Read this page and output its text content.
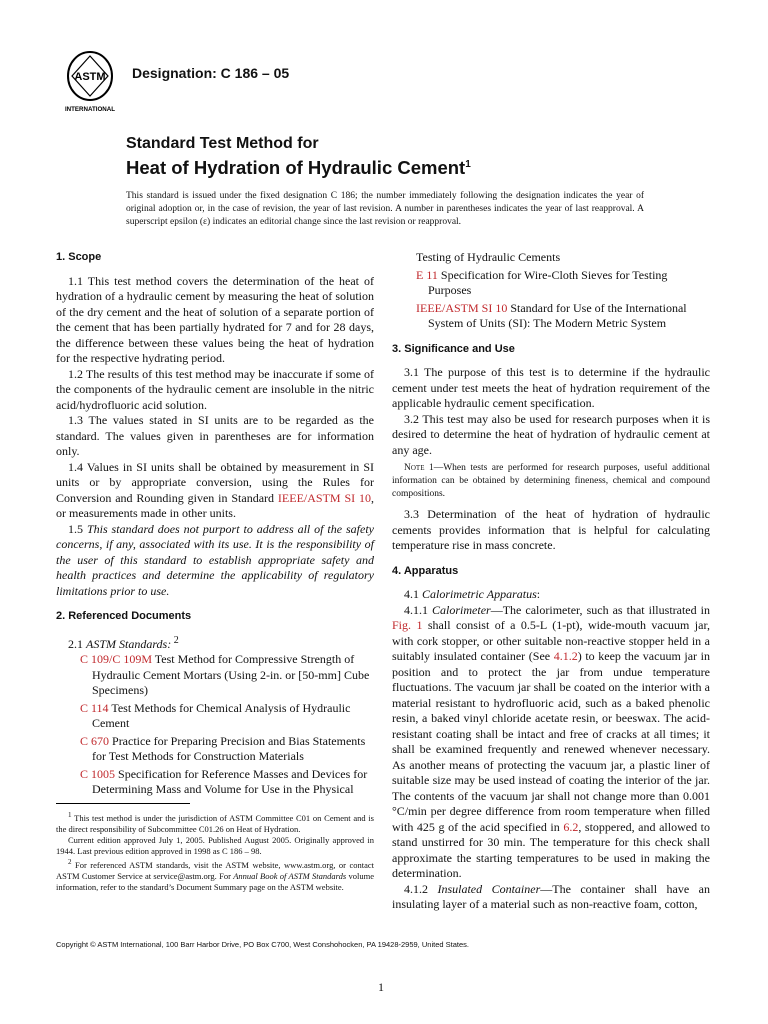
ASTM
INTERNATIONAL
Designation: C 186 – 05
Standard Test Method for
Heat of Hydration of Hydraulic Cement$^1$
This standard is issued under the fixed designation C 186; the number immediately following the designation indicates the year of original adoption or, in the case of revision, the year of last revision. A number in parentheses indicates the year of last reapproval. A superscript epsilon (ε) indicates an editorial change since the last revision or reapproval.
1. Scope

1.1 This test method covers the determination of the heat of hydration of a hydraulic cement by measuring the heat of solution of the dry cement and the heat of solution of a separate portion of the cement that has been partially hydrated for 7 and for 28 days, the difference between these values being the heat of hydration for the respective hydrating period.

1.2 The results of this test method may be inaccurate if some of the components of the hydraulic cement are insoluble in the nitric acid/hydrofluoric acid solution.

1.3 The values stated in SI units are to be regarded as the standard. The values given in parentheses are for information only.

1.4 Values in SI units shall be obtained by measurement in SI units or by appropriate conversion, using the Rules for Conversion and Rounding given in Standard IEEE/ASTM SI 10, or measurements made in other units.

1.5 This standard does not purport to address all of the safety concerns, if any, associated with its use. It is the responsibility of the user of this standard to establish appropriate safety and health practices and determine the applicability of regulatory limitations prior to use.

2. Referenced Documents

2.1 ASTM Standards: $^2$

C 109/C 109M Test Method for Compressive Strength of Hydraulic Cement Mortars (Using 2-in. or [50-mm] Cube Specimens)

C 114 Test Methods for Chemical Analysis of Hydraulic Cement

C 670 Practice for Preparing Precision and Bias Statements for Test Methods for Construction Materials

C 1005 Specification for Reference Masses and Devices for Determining Mass and Volume for Use in the Physical

Testing of Hydraulic Cements

E 11 Specification for Wire-Cloth Sieves for Testing Purposes

IEEE/ASTM SI 10 Standard for Use of the International System of Units (SI): The Modern Metric System

3. Significance and Use

3.1 The purpose of this test is to determine if the hydraulic cement under test meets the heat of hydration requirement of the applicable hydraulic cement specification.

3.2 This test may also be used for research purposes when it is desired to determine the heat of hydration of hydraulic cement at any age.

Note 1—When tests are performed for research purposes, useful additional information can be obtained by determining fineness, chemical and compound compositions.

3.3 Determination of the heat of hydration of hydraulic cements provides information that is helpful for calculating temperature rise in mass concrete.

4. Apparatus

4.1 Calorimetric Apparatus:

4.1.1 Calorimeter—The calorimeter, such as that illustrated in Fig. 1 shall consist of a 0.5-L (1-pt), wide-mouth vacuum jar, with cork stopper, or other suitable non-reactive stopper held in a suitably insulated container (See 4.1.2) to keep the vacuum jar in position and to protect the jar from undue temperature fluctuations. The vacuum jar shall be coated on the interior with a material resistant to hydrofluoric acid, such as a baked phenolic resin, a baked vinyl chloride acetate resin, or beeswax. The acid-resistant coating shall be intact and free of cracks at all times; it shall be examined frequently and renewed whenever necessary. As another means of protecting the vacuum jar, a plastic liner of suitable size may be used instead of coating the interior of the jar. The contents of the vacuum jar shall not change more than 0.001 °C/min per degree difference from room temperature when filled with 425 g of the acid specified in 6.2, stoppered, and allowed to stand unstirred for 30 min. The temperature for this check shall approximate the starting temperatures to be used in making the determination.

4.1.2 Insulated Container—The container shall have an insulating layer of a material such as non-reactive foam, cotton,

$^1$ This test method is under the jurisdiction of ASTM Committee C01 on Cement and is the direct responsibility of Subcommittee C01.26 on Heat of Hydration.

Current edition approved July 1, 2005. Published August 2005. Originally approved in 1944. Last previous edition approved in 1998 as C 186 – 98.

$^2$ For referenced ASTM standards, visit the ASTM website, www.astm.org, or contact ASTM Customer Service at service@astm.org. For Annual Book of ASTM Standards volume information, refer to the standard’s Document Summary page on the ASTM website.

Copyright © ASTM International, 100 Barr Harbor Drive, PO Box C700, West Conshohocken, PA 19428-2959, United States.
1
